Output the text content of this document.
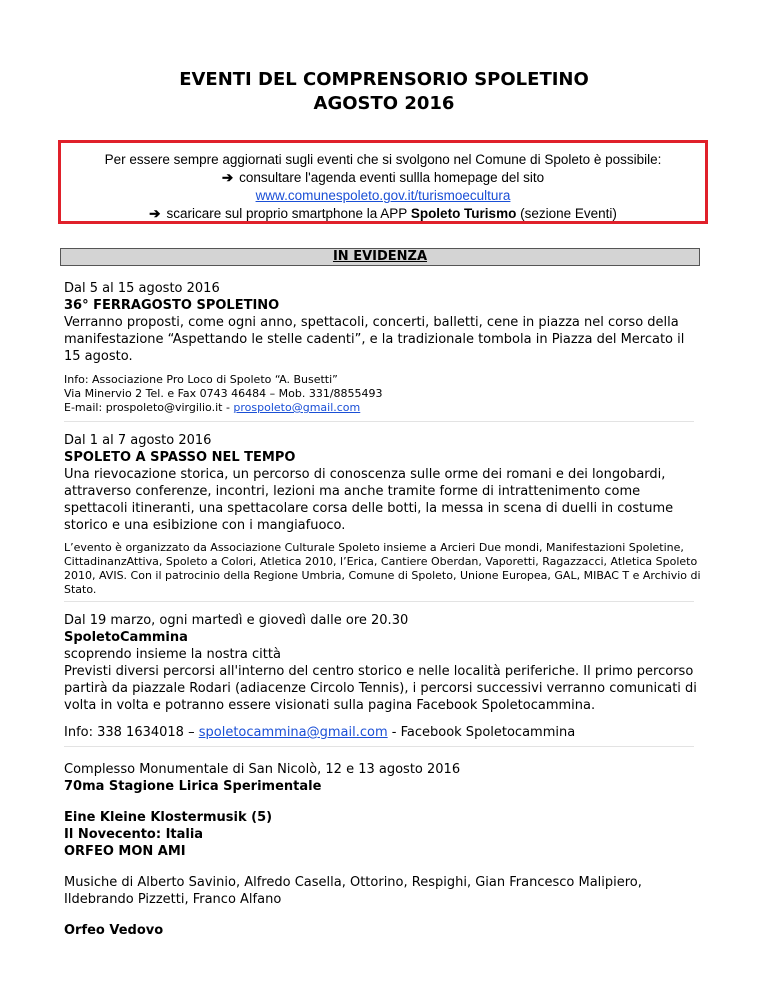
EVENTI DEL COMPRENSORIO SPOLETINO
AGOSTO 2016

Per essere sempre aggiornati sugli eventi che si svolgono nel Comune di Spoleto è possibile:

➔ consultare l'agenda eventi sullla homepage del sito

www.comunespoleto.gov.it/turismoecultura

➔ scaricare sul proprio smartphone la APP Spoleto Turismo (sezione Eventi)

IN EVIDENZA

Dal 5 al 15 agosto 2016

36° FERRAGOSTO SPOLETINO

Verranno proposti, come ogni anno, spettacoli, concerti, balletti, cene in piazza nel corso della manifestazione “Aspettando le stelle cadenti”, e la tradizionale tombola in Piazza del Mercato il 15 agosto.

Info: Associazione Pro Loco di Spoleto “A. Busetti”

Via Minervio 2 Tel. e Fax 0743 46484 – Mob. 331/8855493

E-mail: prospoleto@virgilio.it - prospoleto@gmail.com

Dal 1 al 7 agosto 2016

SPOLETO A SPASSO NEL TEMPO

Una rievocazione storica, un percorso di conoscenza sulle orme dei romani e dei longobardi, attraverso conferenze, incontri, lezioni ma anche tramite forme di intrattenimento come spettacoli itineranti, una spettacolare corsa delle botti, la messa in scena di duelli in costume storico e una esibizione con i mangiafuoco.

L’evento è organizzato da Associazione Culturale Spoleto insieme a Arcieri Due mondi, Manifestazioni Spoletine, CittadinanzAttiva, Spoleto a Colori, Atletica 2010, l’Erica, Cantiere Oberdan, Vaporetti, Ragazzacci, Atletica Spoleto 2010, AVIS. Con il patrocinio della Regione Umbria, Comune di Spoleto, Unione Europea, GAL, MIBAC T e Archivio di Stato.

Dal 19 marzo, ogni martedì e giovedì dalle ore 20.30

SpoletoCammina

scoprendo insieme la nostra città

Previsti diversi percorsi all'interno del centro storico e nelle località periferiche. Il primo percorso partirà da piazzale Rodari (adiacenze Circolo Tennis), i percorsi successivi verranno comunicati di volta in volta e potranno essere visionati sulla pagina Facebook Spoletocammina.

Info: 338 1634018 – spoletocammina@gmail.com - Facebook Spoletocammina

Complesso Monumentale di San Nicolò, 12 e 13 agosto 2016

70ma Stagione Lirica Sperimentale

Eine Kleine Klostermusik (5)

Il Novecento: Italia

ORFEO MON AMI

Musiche di Alberto Savinio, Alfredo Casella, Ottorino, Respighi, Gian Francesco Malipiero, Ildebrando Pizzetti, Franco Alfano

Orfeo Vedovo
